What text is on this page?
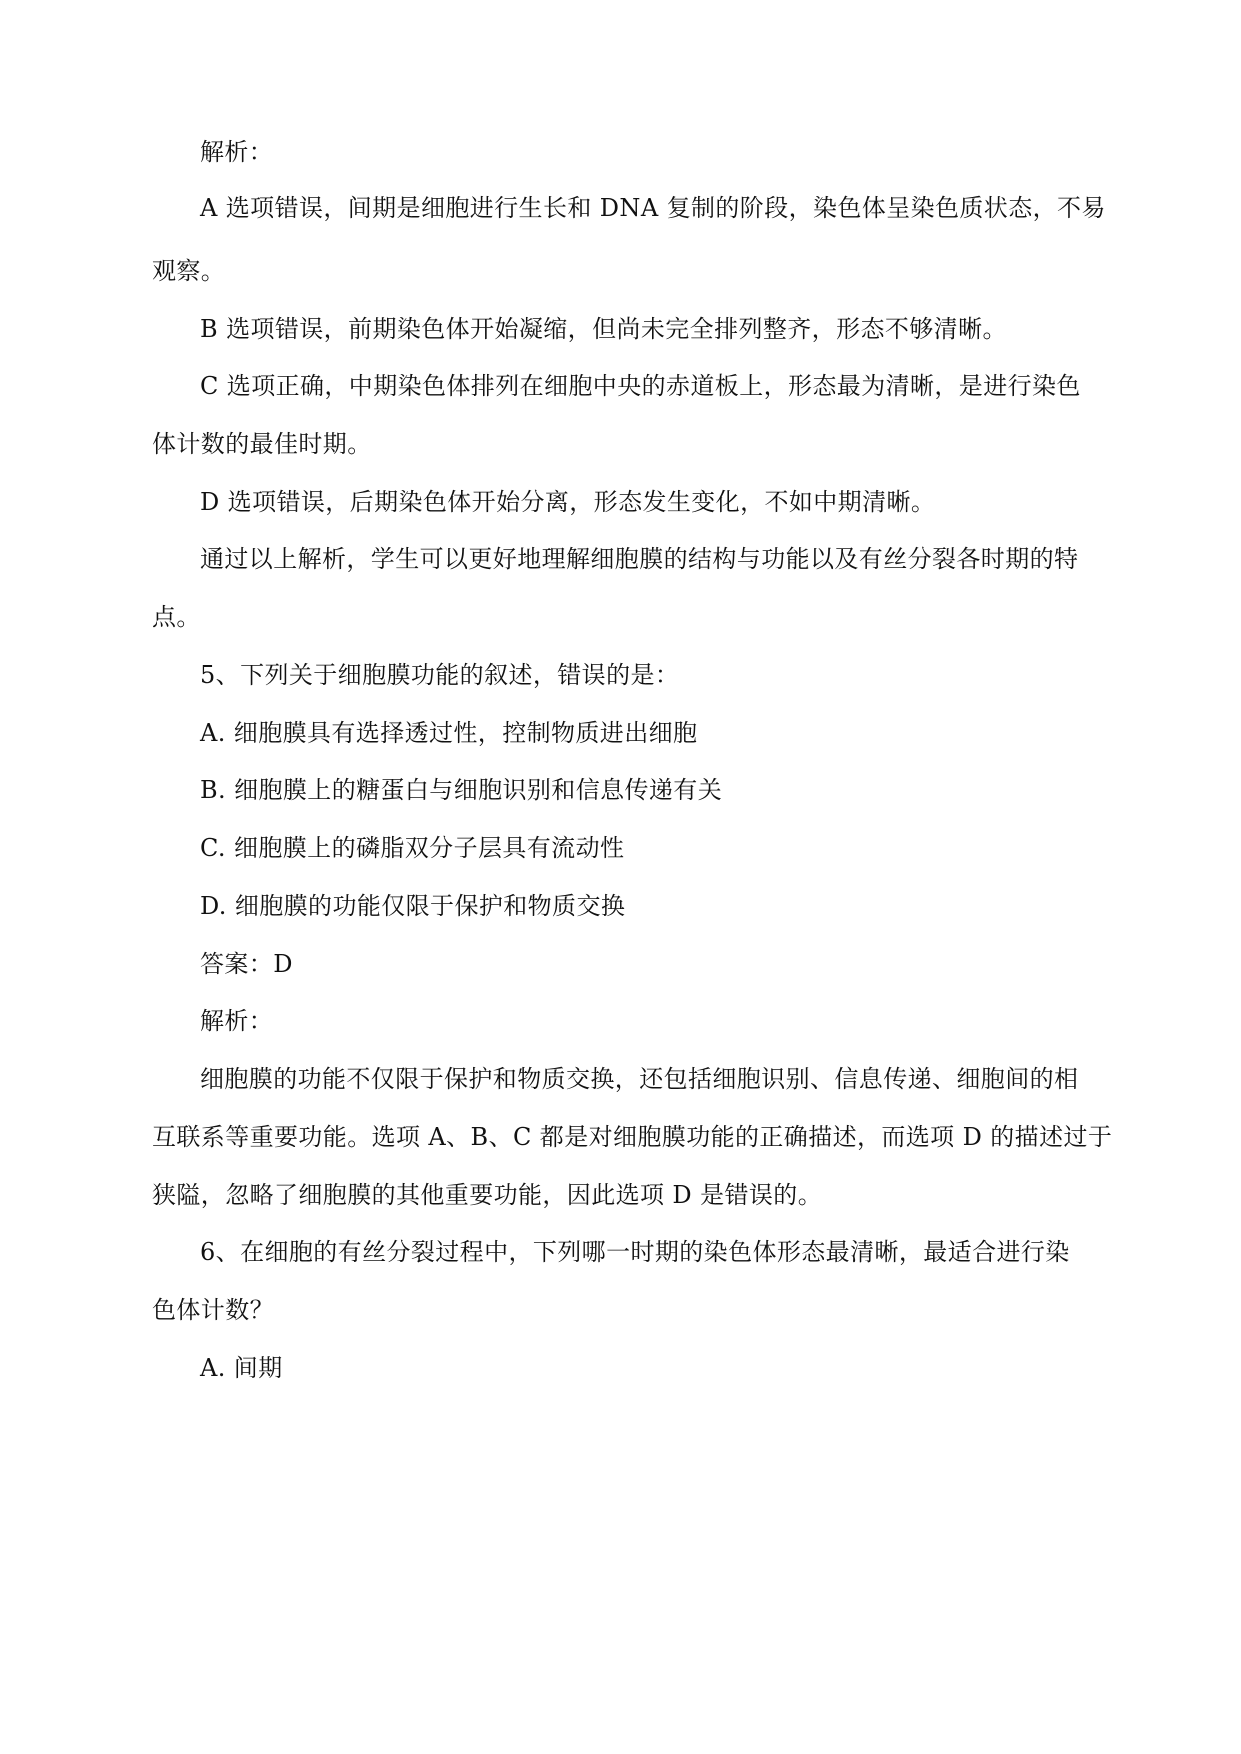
解析：
A 选项错误，间期是细胞进行生长和 DNA 复制的阶段，染色体呈染色质状态，不易
观察。
B 选项错误，前期染色体开始凝缩，但尚未完全排列整齐，形态不够清晰。
C 选项正确，中期染色体排列在细胞中央的赤道板上，形态最为清晰，是进行染色
体计数的最佳时期。
D 选项错误，后期染色体开始分离，形态发生变化，不如中期清晰。
通过以上解析，学生可以更好地理解细胞膜的结构与功能以及有丝分裂各时期的特
点。
5、下列关于细胞膜功能的叙述，错误的是：
A. 细胞膜具有选择透过性，控制物质进出细胞
B. 细胞膜上的糖蛋白与细胞识别和信息传递有关
C. 细胞膜上的磷脂双分子层具有流动性
D. 细胞膜的功能仅限于保护和物质交换
答案：D
解析：
细胞膜的功能不仅限于保护和物质交换，还包括细胞识别、信息传递、细胞间的相
互联系等重要功能。选项 A、B、C 都是对细胞膜功能的正确描述，而选项 D 的描述过于
狭隘，忽略了细胞膜的其他重要功能，因此选项 D 是错误的。
6、在细胞的有丝分裂过程中，下列哪一时期的染色体形态最清晰，最适合进行染
色体计数？
A. 间期
